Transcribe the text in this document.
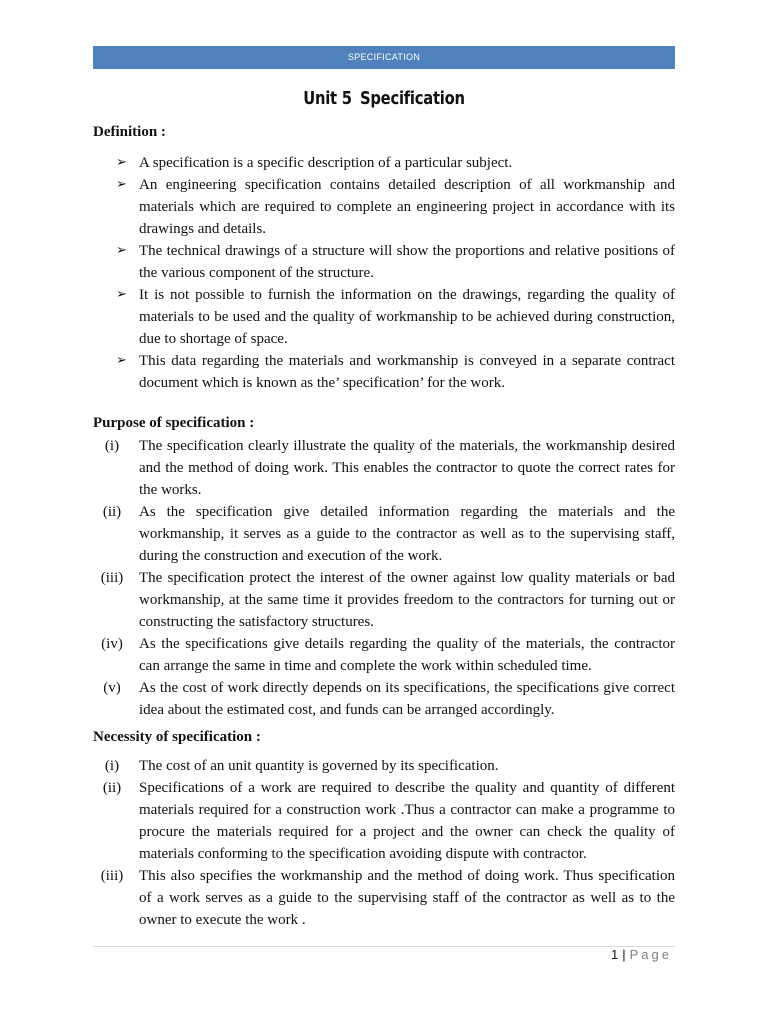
SPECIFICATION
Unit 5 Specification
Definition :
➢ A specification is a specific description of a particular subject.
➢ An engineering specification contains detailed description of all workmanship and materials which are required to complete an engineering project in accordance with its drawings and details.
➢ The technical drawings of a structure will show the proportions and relative positions of the various component of the structure.
➢ It is not possible to furnish the information on the drawings, regarding the quality of materials to be used and the quality of workmanship to be achieved during construction, due to shortage of space.
➢ This data regarding the materials and workmanship is conveyed in a separate contract document which is known as the’ specification’ for the work.
Purpose of specification :
(i)	The specification clearly illustrate the quality of the materials, the workmanship desired and the method of doing work. This enables the contractor to quote the correct rates for the works.
(ii)	As the specification give detailed information regarding the materials and the workmanship, it serves as a guide to the contractor as well as to the supervising staff, during the construction and execution of the work.
(iii)	The specification protect the interest of the owner against low quality materials or bad workmanship, at the same time it provides freedom to the contractors for turning out or constructing the satisfactory structures.
(iv)	As the specifications give details regarding the quality of the materials, the contractor can arrange the same in time and complete the work within scheduled time.
(v)	As the cost of work directly depends on its specifications, the specifications give correct idea about the estimated cost, and funds can be arranged accordingly.
Necessity of specification :
(i)	The cost of an unit quantity is governed by its specification.
(ii)	Specifications of a work are required to describe the quality and quantity of different materials required for a construction work .Thus a contractor can make a programme to procure the materials required for a project and the owner can check the quality of materials conforming to the specification avoiding dispute with contractor.
(iii)	This also specifies the workmanship and the method of doing work. Thus specification of a work serves as a guide to the supervising staff of the contractor as well as to the owner to execute the work .
1 | Page
